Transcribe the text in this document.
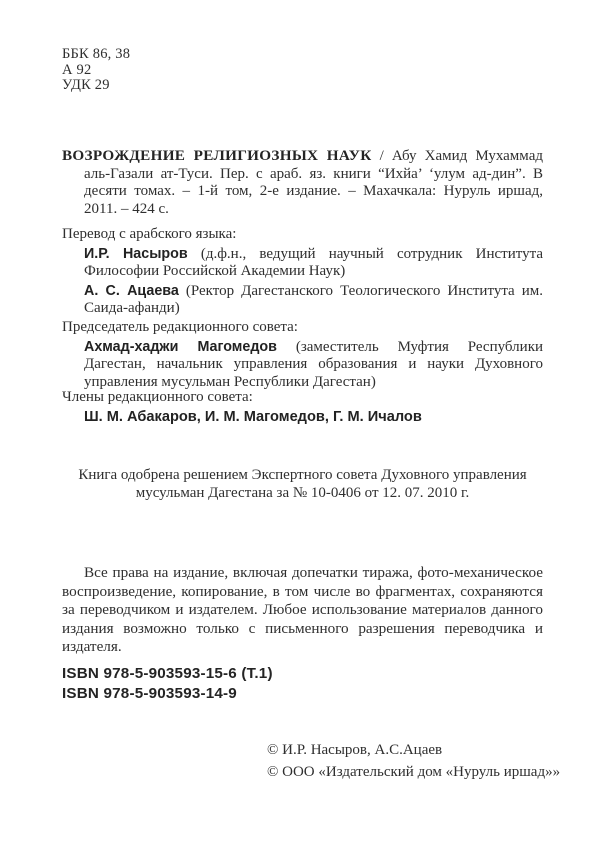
ББК 86, 38
А 92
УДК 29

ВОЗРОЖДЕНИЕ РЕЛИГИОЗНЫХ НАУК / Абу Хамид Мухаммад аль-Газали ат-Туси. Пер. с араб. яз. книги “Ихйа’ ‘улум ад-дин”. В десяти томах. – 1-й том, 2-е издание. – Махачкала: Нуруль иршад, 2011. – 424 с.

Перевод с арабского языка:

И.Р. Насыров (д.ф.н., ведущий научный сотрудник Института Философии Российской Академии Наук)

А. С. Ацаева (Ректор Дагестанского Теологического Института им. Саида-афанди)

Председатель редакционного совета:

Ахмад-хаджи Магомедов (заместитель Муфтия Республики Дагестан, начальник управления образования и науки Духовного управления мусульман Республики Дагестан)

Члены редакционного совета:

Ш. М. Абакаров, И. М. Магомедов, Г. М. Ичалов

Книга одобрена решением Экспертного совета Духовного управления мусульман Дагестана за № 10-0406 от 12. 07. 2010 г.

Все права на издание, включая допечатки тиража, фото-механическое воспроизведение, копирование, в том числе во фрагментах, сохраняются за переводчиком и издателем. Любое использование материалов данного издания возможно только с письменного разрешения переводчика и издателя.

ISBN 978-5-903593-15-6 (Т.1)
ISBN 978-5-903593-14-9
© И.Р. Насыров, А.С.Ацаев
© ООО «Издательский дом «Нуруль иршад»»
